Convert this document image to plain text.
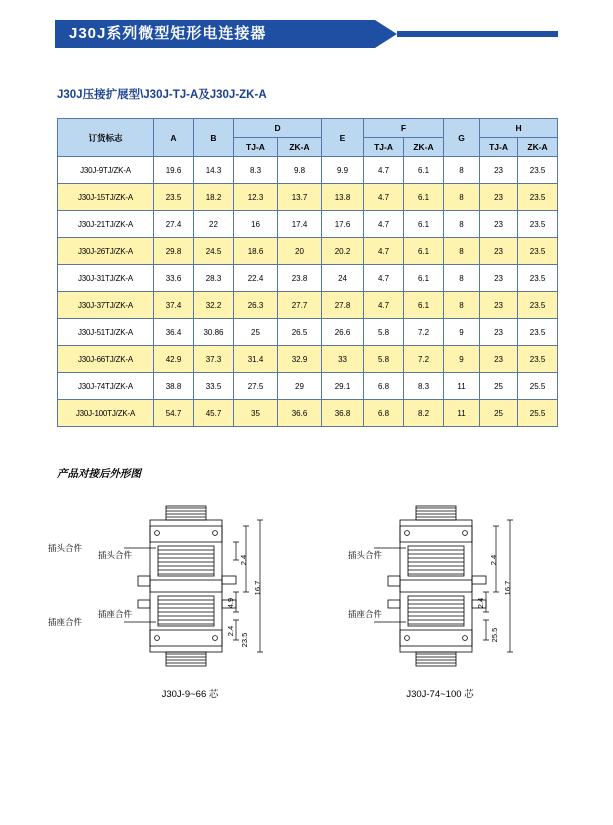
J30J系列微型矩形电连接器
J30J压接扩展型\J30J-TJ-A及J30J-ZK-A
订货标志	A	B	D		E	F		G	H	
			TJ-A	ZK-A		TJ-A	ZK-A		TJ-A	ZK-A
J30J-9TJ/ZK-A	19.6	14.3	8.3	9.8	9.9	4.7	6.1	8	23	23.5
J30J-15TJ/ZK-A	23.5	18.2	12.3	13.7	13.8	4.7	6.1	8	23	23.5
J30J-21TJ/ZK-A	27.4	22	16	17.4	17.6	4.7	6.1	8	23	23.5
J30J-26TJ/ZK-A	29.8	24.5	18.6	20	20.2	4.7	6.1	8	23	23.5
J30J-31TJ/ZK-A	33.6	28.3	22.4	23.8	24	4.7	6.1	8	23	23.5
J30J-37TJ/ZK-A	37.4	32.2	26.3	27.7	27.8	4.7	6.1	8	23	23.5
J30J-51TJ/ZK-A	36.4	30.86	25	26.5	26.6	5.8	7.2	9	23	23.5
J30J-66TJ/ZK-A	42.9	37.3	31.4	32.9	33	5.8	7.2	9	23	23.5
J30J-74TJ/ZK-A	38.8	33.5	27.5	29	29.1	6.8	8.3	11	25	25.5
J30J-100TJ/ZK-A	54.7	45.7	35	36.6	36.8	6.8	8.2	11	25	25.5
产品对接后外形图
插头合件
插座合件
2.4
16.7
4.9
2.4
23.5
插头合件
插座合件
2.4
16.7
2.4
25.5
插头合件
插座合件
J30J-9~66 芯	J30J-74~100 芯
